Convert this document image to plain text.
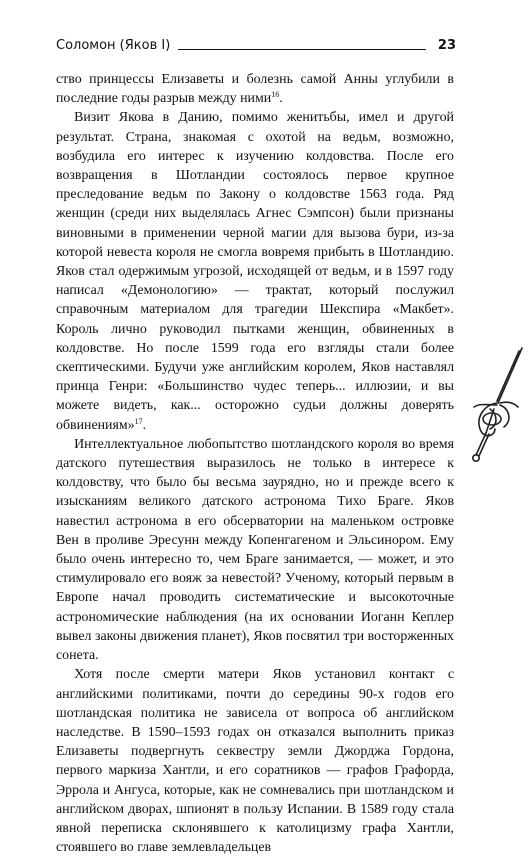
Соломон (Яков I)	23

ство принцессы Елизаветы и болезнь самой Анны углубили в последние годы разрыв между ними$^{16}$.

Визит Якова в Данию, помимо женитьбы, имел и другой результат. Страна, знакомая с охотой на ведьм, возможно, возбудила его интерес к изучению колдовства. После его возвращения в Шотландии состоялось первое крупное преследование ведьм по Закону о колдовстве 1563 года. Ряд женщин (среди них выделялась Агнес Сэмпсон) были признаны виновными в применении черной магии для вызова бури, из-за которой невеста короля не смогла вовремя прибыть в Шотландию. Яков стал одержимым угрозой, исходящей от ведьм, и в 1597 году написал «Демонологию» — трактат, который послужил справочным материалом для трагедии Шекспира «Макбет». Король лично руководил пытками женщин, обвиненных в колдовстве. Но после 1599 года его взгляды стали более скептическими. Будучи уже английским королем, Яков наставлял принца Генри: «Большинство чудес теперь... иллюзии, и вы можете видеть, как... осторожно судьи должны доверять обвинениям»$^{17}$.

Интеллектуальное любопытство шотландского короля во время датского путешествия выразилось не только в интересе к колдовству, что было бы весьма заурядно, но и прежде всего к изысканиям великого датского астронома Тихо Браге. Яков навестил астронома в его обсерватории на маленьком островке Вен в проливе Эресунн между Копенгагеном и Эльсинором. Ему было очень интересно то, чем Браге занимается, — может, и это стимулировало его вояж за невестой? Ученому, который первым в Европе начал проводить систематические и высокоточные астрономические наблюдения (на их основании Иоганн Кеплер вывел законы движения планет), Яков посвятил три восторженных сонета.

Хотя после смерти матери Яков установил контакт с английскими политиками, почти до середины 90-х годов его шотландская политика не зависела от вопроса об английском наследстве. В 1590–1593 годах он отказался выполнить приказ Елизаветы подвергнуть секвестру земли Джорджа Гордона, первого маркиза Хантли, и его соратников — графов Графорда, Эррола и Ангуса, которые, как не сомневались при шотландском и английском дворах, шпионят в пользу Испании. В 1589 году стала явной переписка склонявшего к католицизму графа Хантли, стоявшего во главе землевладельцев
